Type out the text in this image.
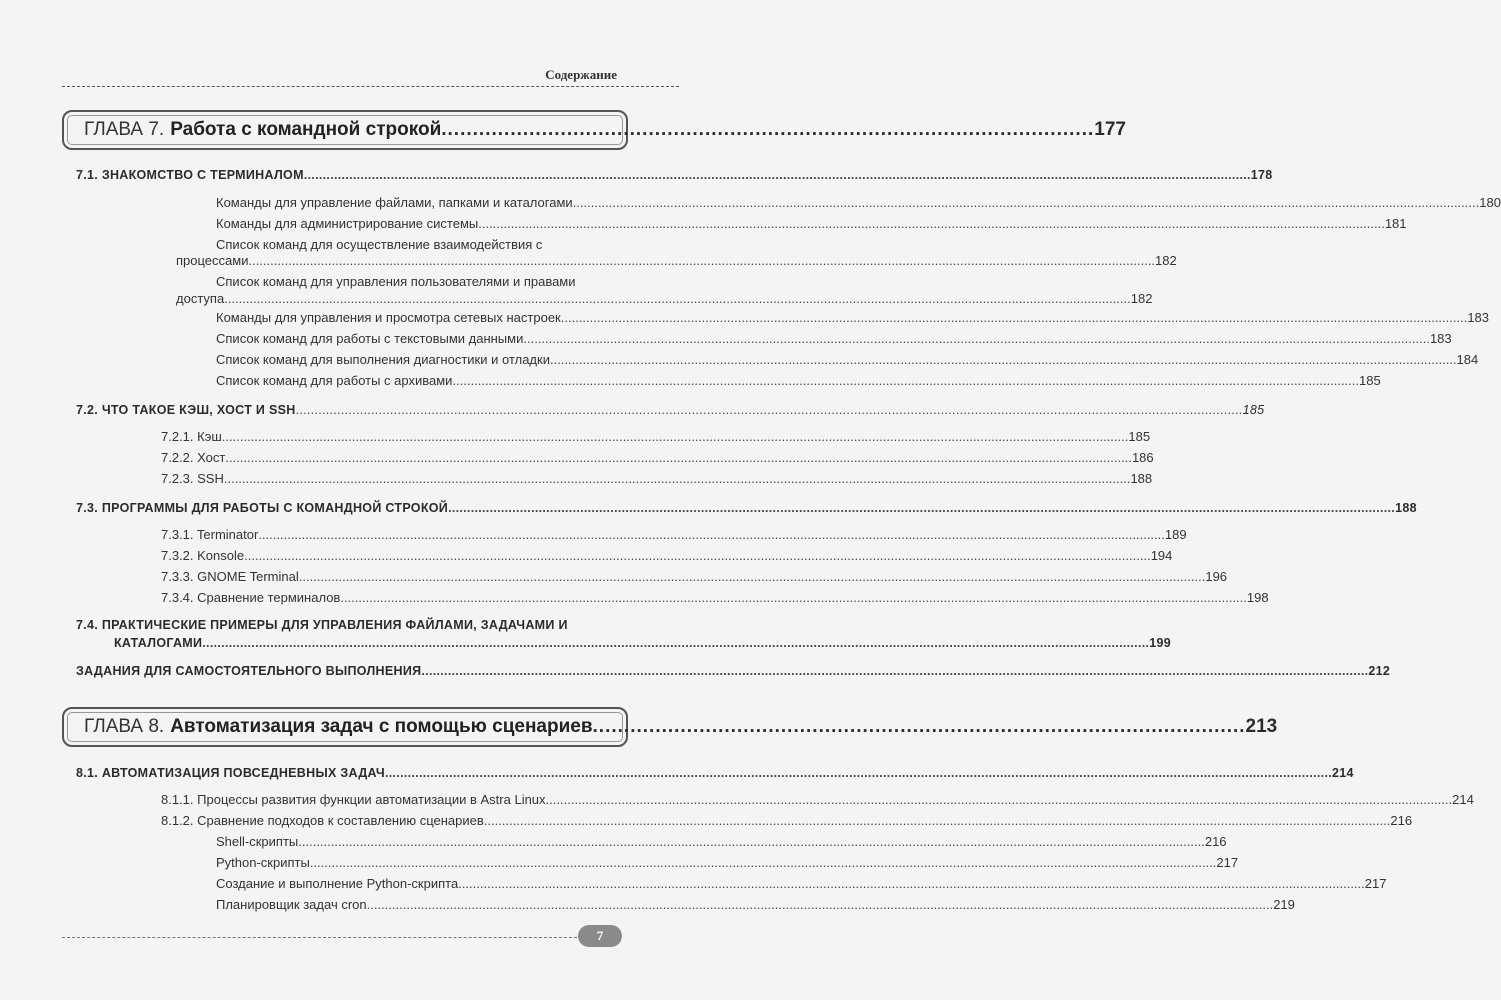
Содержание
ГЛАВА 7. Работа с командной строкой .....	177
7.1. ЗНАКОМСТВО С ТЕРМИНАЛОМ .....	178
Команды для управление файлами, папками и каталогами .....	180
Команды для администрирование системы .....	181
Список команд для осуществление взаимодействия с
процессами .....	182
Список команд для управления пользователями и правами
доступа .....	182
Команды для управления и просмотра сетевых настроек .....	183
Список команд для работы с текстовыми данными .....	183
Список команд для выполнения диагностики и отладки .....	184
Список команд для работы с архивами .....	185
7.2. ЧТО ТАКОЕ КЭШ, ХОСТ И SSH .....	185
7.2.1. Кэш .....	185
7.2.2. Хост .....	186
7.2.3. SSH .....	188
7.3. ПРОГРАММЫ ДЛЯ РАБОТЫ С КОМАНДНОЙ СТРОКОЙ .....	188
7.3.1. Terminator .....	189
7.3.2. Konsole .....	194
7.3.3. GNOME Terminal .....	196
7.3.4. Сравнение терминалов .....	198
7.4. ПРАКТИЧЕСКИЕ ПРИМЕРЫ ДЛЯ УПРАВЛЕНИЯ ФАЙЛАМИ, ЗАДАЧАМИ И
КАТАЛОГАМИ .....	199
ЗАДАНИЯ ДЛЯ САМОСТОЯТЕЛЬНОГО ВЫПОЛНЕНИЯ .....	212
ГЛАВА 8. Автоматизация задач с помощью сценариев .....	213
8.1. АВТОМАТИЗАЦИЯ ПОВСЕДНЕВНЫХ ЗАДАЧ .....	214
8.1.1. Процессы развития функции автоматизации в Astra Linux .....	214
8.1.2. Сравнение подходов к составлению сценариев .....	216
Shell-скрипты .....	216
Python-скрипты .....	217
Создание и выполнение Python-скрипта .....	217
Планировщик задач cron .....	219
7
